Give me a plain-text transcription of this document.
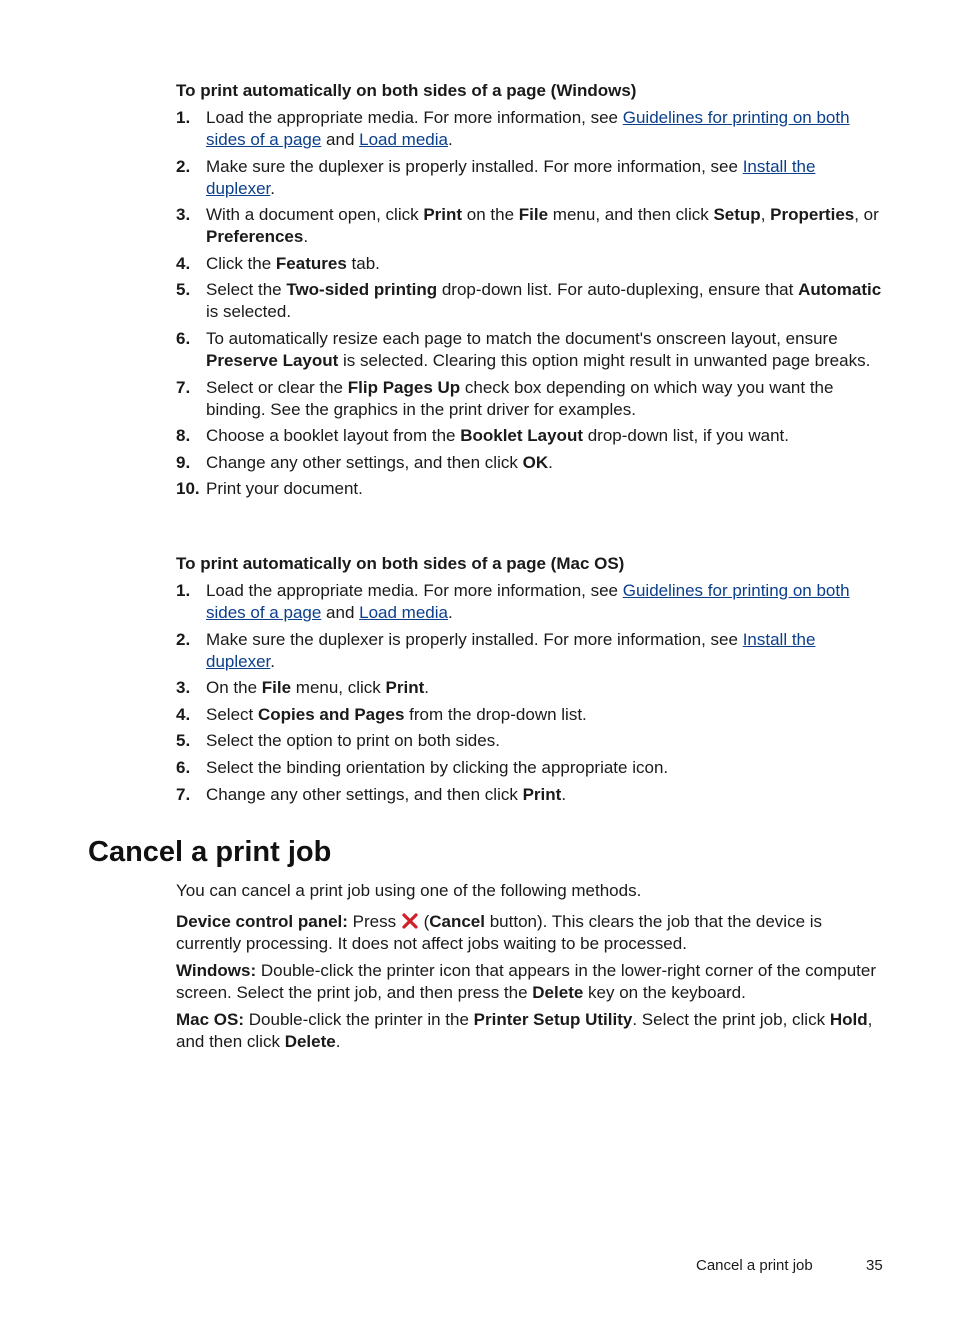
To print automatically on both sides of a page (Windows)
1. Load the appropriate media. For more information, see Guidelines for printing on both sides of a page and Load media.
2. Make sure the duplexer is properly installed. For more information, see Install the duplexer.
3. With a document open, click Print on the File menu, and then click Setup, Properties, or Preferences.
4. Click the Features tab.
5. Select the Two-sided printing drop-down list. For auto-duplexing, ensure that Automatic is selected.
6. To automatically resize each page to match the document's onscreen layout, ensure Preserve Layout is selected. Clearing this option might result in unwanted page breaks.
7. Select or clear the Flip Pages Up check box depending on which way you want the binding. See the graphics in the print driver for examples.
8. Choose a booklet layout from the Booklet Layout drop-down list, if you want.
9. Change any other settings, and then click OK.
10. Print your document.
To print automatically on both sides of a page (Mac OS)
1. Load the appropriate media. For more information, see Guidelines for printing on both sides of a page and Load media.
2. Make sure the duplexer is properly installed. For more information, see Install the duplexer.
3. On the File menu, click Print.
4. Select Copies and Pages from the drop-down list.
5. Select the option to print on both sides.
6. Select the binding orientation by clicking the appropriate icon.
7. Change any other settings, and then click Print.
Cancel a print job

You can cancel a print job using one of the following methods.

Device control panel: Press  (Cancel button). This clears the job that the device is currently processing. It does not affect jobs waiting to be processed.

Windows: Double-click the printer icon that appears in the lower-right corner of the computer screen. Select the print job, and then press the Delete key on the keyboard.

Mac OS: Double-click the printer in the Printer Setup Utility. Select the print job, click Hold, and then click Delete.

Cancel a print job	35
